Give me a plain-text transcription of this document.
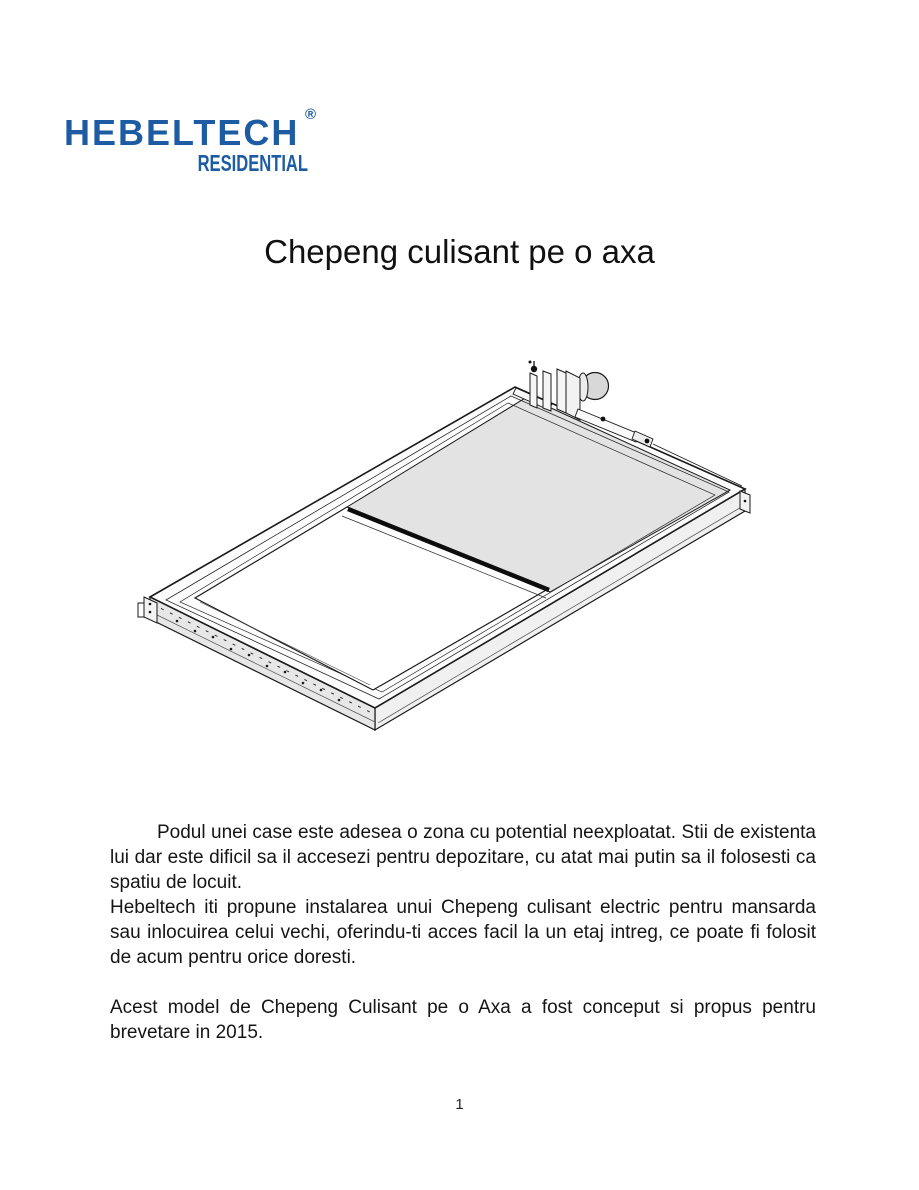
HEBELTECH ®
RESIDENTIAL
Chepeng culisant pe o axa

Podul unei case este adesea o zona cu potential neexploatat. Stii de existenta lui dar este dificil sa il accesezi pentru depozitare, cu atat mai putin sa il folosesti ca spatiu de locuit.

Hebeltech iti propune instalarea unui Chepeng culisant electric pentru mansarda sau inlocuirea celui vechi, oferindu-ti acces facil la un etaj intreg, ce poate fi folosit de acum pentru orice doresti.

Acest model de Chepeng Culisant pe o Axa a fost conceput si propus pentru brevetare in 2015.

1
